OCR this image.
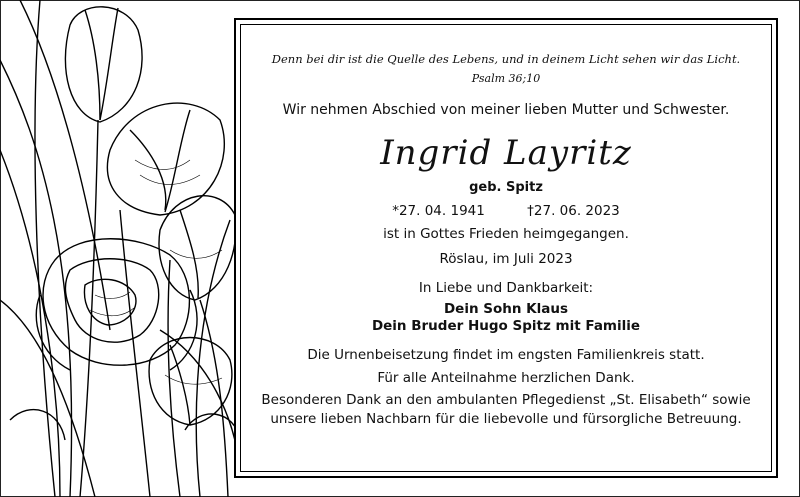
Denn bei dir ist die Quelle des Lebens, und in deinem Licht sehen wir das Licht.
Psalm 36;10
Wir nehmen Abschied von meiner lieben Mutter und Schwester.
Ingrid Layritz
geb. Spitz
*27. 04. 1941	†27. 06. 2023
ist in Gottes Frieden heimgegangen.
Röslau, im Juli 2023
In Liebe und Dankbarkeit:
Dein Sohn Klaus
Dein Bruder Hugo Spitz mit Familie
Die Urnenbeisetzung findet im engsten Familienkreis statt.
Für alle Anteilnahme herzlichen Dank.
Besonderen Dank an den ambulanten Pflegedienst „St. Elisabeth“ sowie
unsere lieben Nachbarn für die liebevolle und fürsorgliche Betreuung.
